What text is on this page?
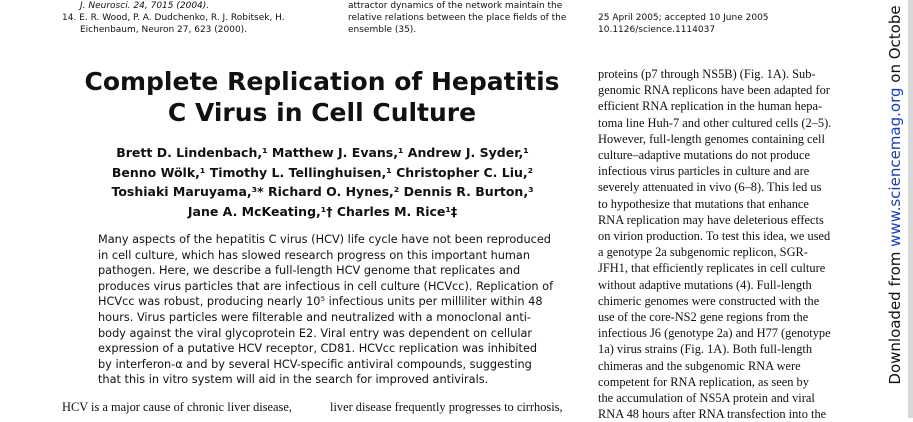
J. Neurosci. 24, 7015 (2004).
14. E. R. Wood, P. A. Dudchenko, R. J. Robitsek, H.
Eichenbaum, Neuron 27, 623 (2000).
attractor dynamics of the network maintain the
relative relations between the place fields of the
ensemble (35).
25 April 2005; accepted 10 June 2005
10.1126/science.1114037
Complete Replication of Hepatitis
C Virus in Cell Culture
Brett D. Lindenbach,¹ Matthew J. Evans,¹ Andrew J. Syder,¹
Benno Wölk,¹ Timothy L. Tellinghuisen,¹ Christopher C. Liu,²
Toshiaki Maruyama,³* Richard O. Hynes,² Dennis R. Burton,³
Jane A. McKeating,¹† Charles M. Rice¹‡
Many aspects of the hepatitis C virus (HCV) life cycle have not been reproduced
in cell culture, which has slowed research progress on this important human
pathogen. Here, we describe a full-length HCV genome that replicates and
produces virus particles that are infectious in cell culture (HCVcc). Replication of
HCVcc was robust, producing nearly 10⁵ infectious units per milliliter within 48
hours. Virus particles were filterable and neutralized with a monoclonal anti-
body against the viral glycoprotein E2. Viral entry was dependent on cellular
expression of a putative HCV receptor, CD81. HCVcc replication was inhibited
by interferon-α and by several HCV-specific antiviral compounds, suggesting
that this in vitro system will aid in the search for improved antivirals.
HCV is a major cause of chronic liver disease,	liver disease frequently progresses to cirrhosis,
proteins (p7 through NS5B) (Fig. 1A). Sub-
genomic RNA replicons have been adapted for
efficient RNA replication in the human hepa-
toma line Huh-7 and other cultured cells (2–5).
However, full-length genomes containing cell
culture–adaptive mutations do not produce
infectious virus particles in culture and are
severely attenuated in vivo (6–8). This led us
to hypothesize that mutations that enhance
RNA replication may have deleterious effects
on virion production. To test this idea, we used
a genotype 2a subgenomic replicon, SGR-
JFH1, that efficiently replicates in cell culture
without adaptive mutations (4). Full-length
chimeric genomes were constructed with the
use of the core-NS2 gene regions from the
infectious J6 (genotype 2a) and H77 (genotype
1a) virus strains (Fig. 1A). Both full-length
chimeras and the subgenomic RNA were
competent for RNA replication, as seen by
the accumulation of NS5A protein and viral
RNA 48 hours after RNA transfection into the
Downloaded from www.sciencemag.org on Octobe
